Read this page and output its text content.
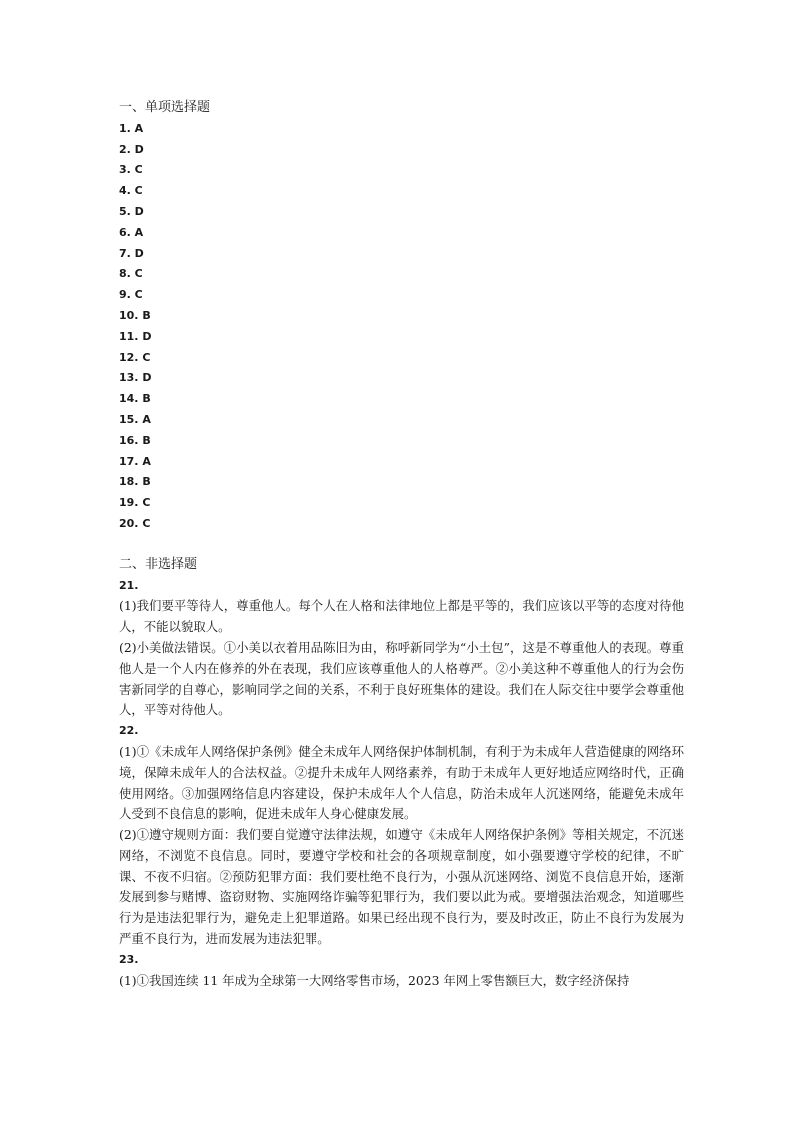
一、单项选择题
1. A
2. D
3. C
4. C
5. D
6. A
7. D
8. C
9. C
10. B
11. D
12. C
13. D
14. B
15. A
16. B
17. A
18. B
19. C
20. C
二、非选择题
21.

(1)我们要平等待人，尊重他人。每个人在人格和法律地位上都是平等的，我们应该以平等的态度对待他人，不能以貌取人。

(2)小美做法错误。①小美以衣着用品陈旧为由，称呼新同学为“小土包”，这是不尊重他人的表现。尊重他人是一个人内在修养的外在表现，我们应该尊重他人的人格尊严。②小美这种不尊重他人的行为会伤害新同学的自尊心，影响同学之间的关系，不利于良好班集体的建设。我们在人际交往中要学会尊重他人，平等对待他人。

22.

(1)①《未成年人网络保护条例》健全未成年人网络保护体制机制，有利于为未成年人营造健康的网络环境，保障未成年人的合法权益。②提升未成年人网络素养，有助于未成年人更好地适应网络时代，正确使用网络。③加强网络信息内容建设，保护未成年人个人信息，防治未成年人沉迷网络，能避免未成年人受到不良信息的影响，促进未成年人身心健康发展。

(2)①遵守规则方面：我们要自觉遵守法律法规，如遵守《未成年人网络保护条例》等相关规定，不沉迷网络，不浏览不良信息。同时，要遵守学校和社会的各项规章制度，如小强要遵守学校的纪律，不旷课、不夜不归宿。②预防犯罪方面：我们要杜绝不良行为，小强从沉迷网络、浏览不良信息开始，逐渐发展到参与赌博、盗窃财物、实施网络诈骗等犯罪行为，我们要以此为戒。要增强法治观念，知道哪些行为是违法犯罪行为，避免走上犯罪道路。如果已经出现不良行为，要及时改正，防止不良行为发展为严重不良行为，进而发展为违法犯罪。

23.

(1)①我国连续 11 年成为全球第一大网络零售市场，2023 年网上零售额巨大，数字经济保持
